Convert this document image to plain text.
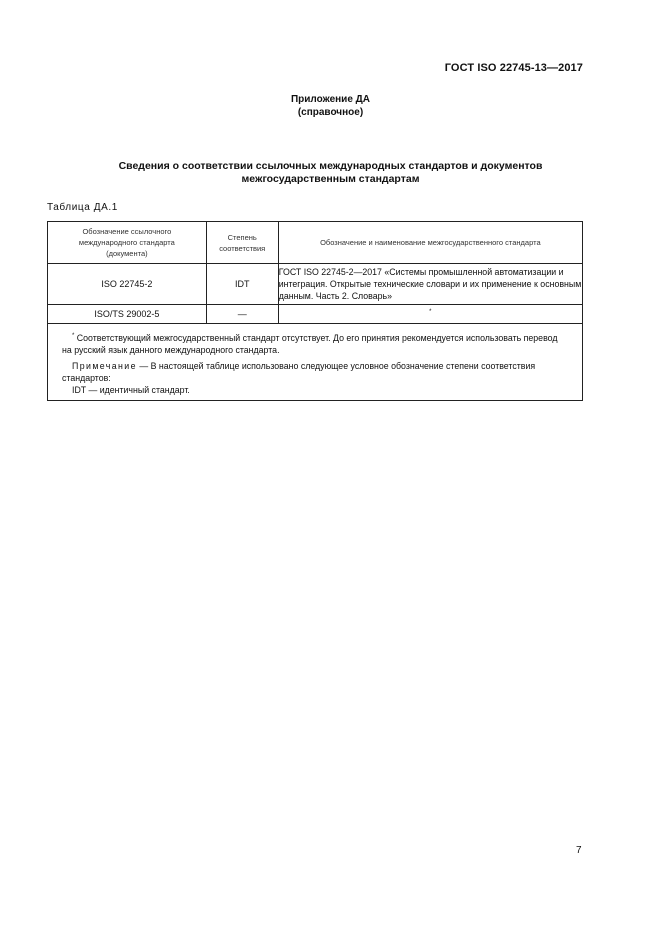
ГОСТ ISO 22745-13—2017
Приложение ДА
(справочное)
Сведения о соответствии ссылочных международных стандартов и документов
межгосударственным стандартам
Таблица ДА.1
Обозначение ссылочного международного стандарта (документа)	Степень соответствия	Обозначение и наименование межгосударственного стандарта

ISO 22745-2	IDT	ГОСТ ISO 22745-2—2017 «Системы промышленной автоматизации и интеграция. Открытые технические словари и их применение к основным данным. Часть 2. Словарь»
ISO/TS 29002-5	—	*

* Соответствующий межгосударственный стандарт отсутствует. До его принятия рекомендуется использовать перевод на русский язык данного международного стандарта.

Примечание — В настоящей таблице использовано следующее условное обозначение степени соответствия стандартов:

IDT — идентичный стандарт.		
7
